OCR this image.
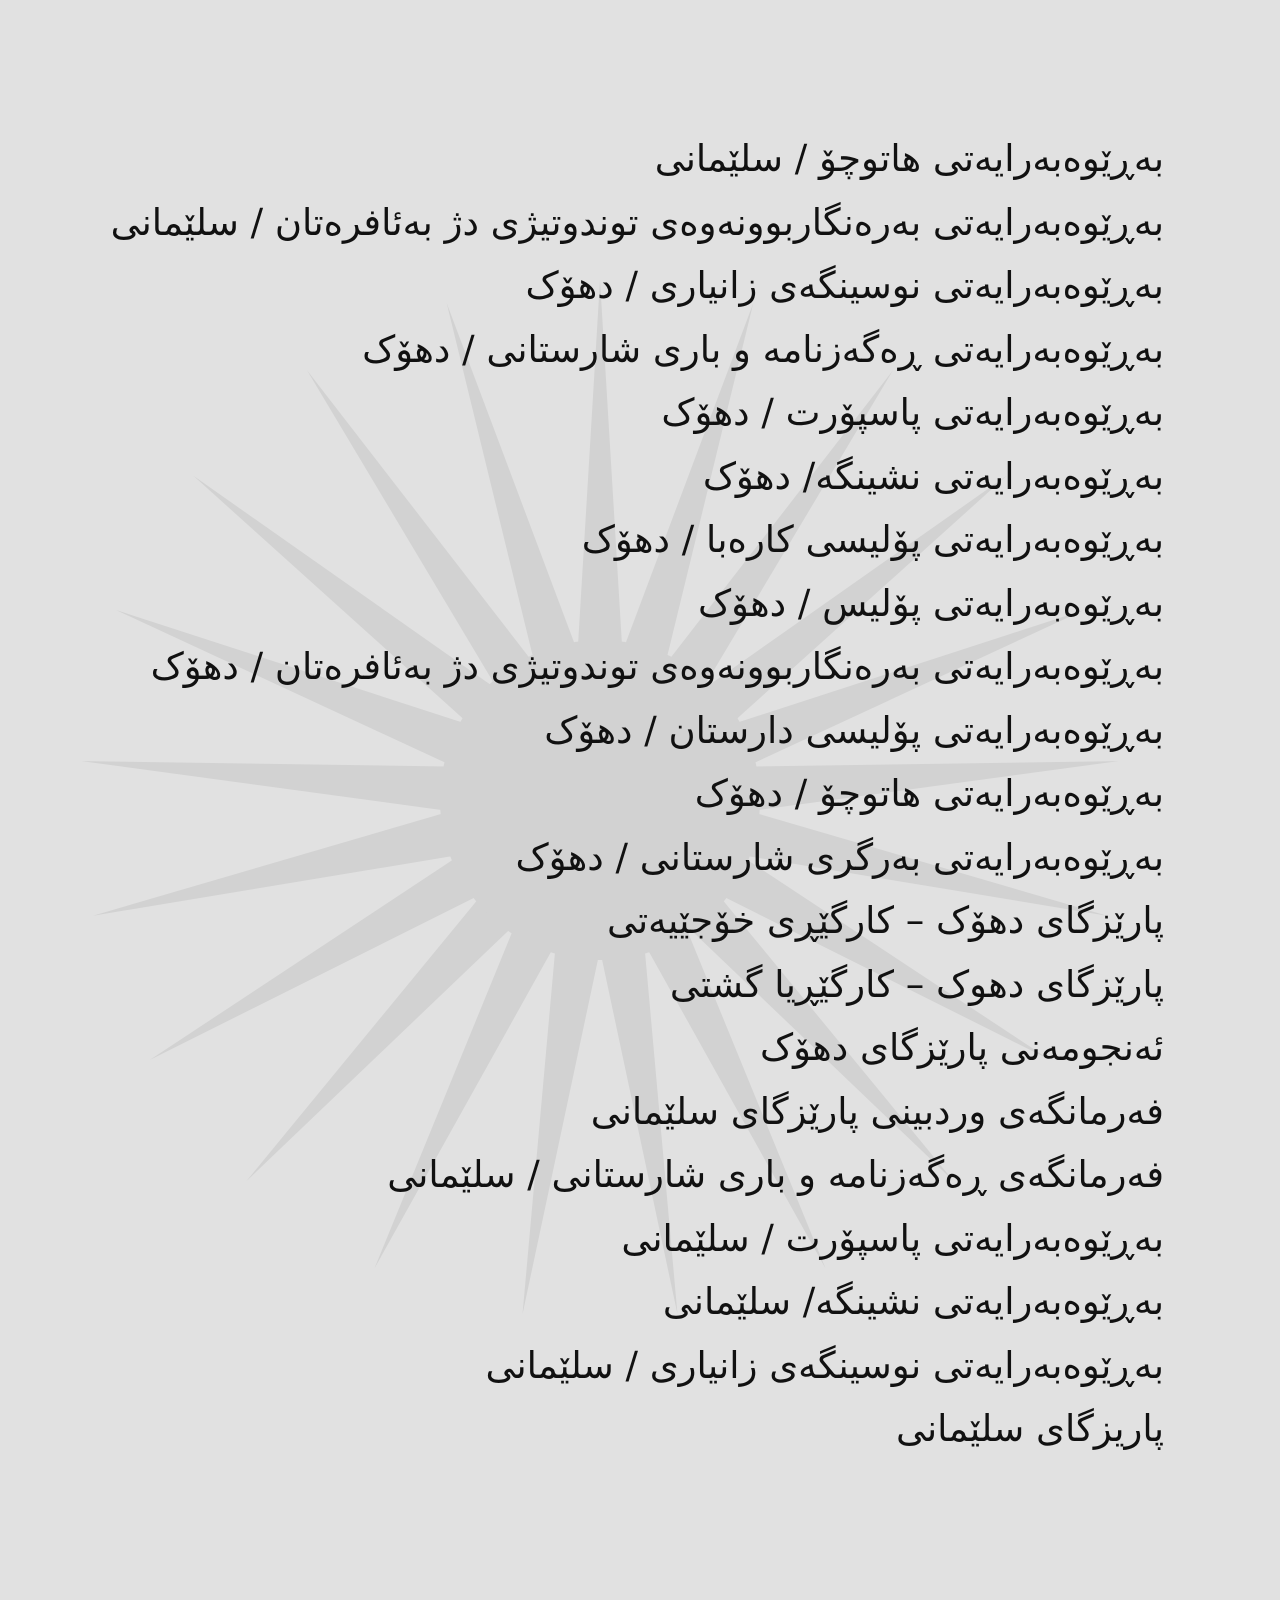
بەڕێوەبەرایەتی هاتوچۆ / سلێمانی
بەڕێوەبەرایەتی بەرەنگاربوونەوەی توندوتیژی دژ بەئافرەتان / سلێمانی
بەڕێوەبەرایەتی نوسینگەی زانیاری / دهۆک
بەڕێوەبەرایەتی ڕەگەزنامە و باری شارستانی / دهۆک
بەڕێوەبەرایەتی پاسپۆرت / دهۆک
بەڕێوەبەرایەتی نشینگە/ دهۆک
بەڕێوەبەرایەتی پۆلیسی کارەبا / دهۆک
بەڕێوەبەرایەتی پۆلیس / دهۆک
بەڕێوەبەرایەتی بەرەنگاربوونەوەی توندوتیژی دژ بەئافرەتان / دهۆک
بەڕێوەبەرایەتی پۆلیسی دارستان / دهۆک
بەڕێوەبەرایەتی هاتوچۆ / دهۆک
بەڕێوەبەرایەتی بەرگری شارستانی / دهۆک
پارێزگای دهۆک – کارگێڕی خۆجێیەتی
پارێزگای دهوک – کارگێڕیا گشتی
ئەنجومەنی پارێزگای دهۆک
فەرمانگەی وردبینی پارێزگای سلێمانی
فەرمانگەی ڕەگەزنامە و باری شارستانی / سلێمانی
بەڕێوەبەرایەتی پاسپۆرت / سلێمانی
بەڕێوەبەرایەتی نشینگە/ سلێمانی
بەڕێوەبەرایەتی نوسینگەی زانیاری / سلێمانی
پاریزگای سلێمانی
